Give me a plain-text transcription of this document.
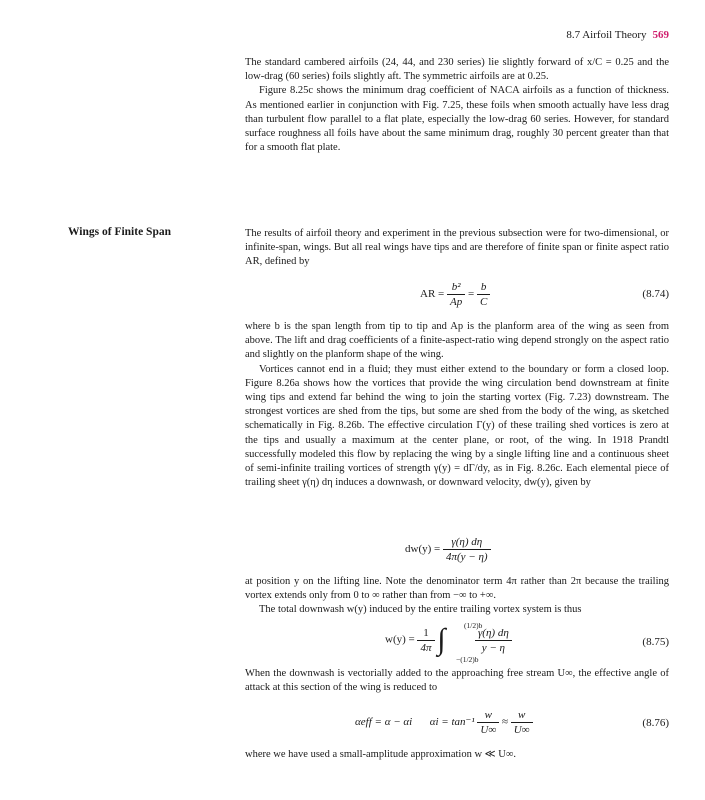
8.7 Airfoil Theory 569

The standard cambered airfoils (24, 44, and 230 series) lie slightly forward of x/C = 0.25 and the low-drag (60 series) foils slightly aft. The symmetric airfoils are at 0.25.

Figure 8.25c shows the minimum drag coefficient of NACA airfoils as a function of thickness. As mentioned earlier in conjunction with Fig. 7.25, these foils when smooth actually have less drag than turbulent flow parallel to a flat plate, especially the low-drag 60 series. However, for standard surface roughness all foils have about the same minimum drag, roughly 30 percent greater than that for a smooth flat plate.

Wings of Finite Span	The results of airfoil theory and experiment in the previous subsection were for two-dimensional, or infinite-span, wings. But all real wings have tips and are therefore of finite span or finite aspect ratio AR, defined by

AR = $\frac{\text{b²}}{Ap} = \frac{b}{C}$	(8.74)

where b is the span length from tip to tip and Ap is the planform area of the wing as seen from above. The lift and drag coefficients of a finite-aspect-ratio wing depend strongly on the aspect ratio and slightly on the planform shape of the wing.

Vortices cannot end in a fluid; they must either extend to the boundary or form a closed loop. Figure 8.26a shows how the vortices that provide the wing circulation bend downstream at finite wing tips and extend far behind the wing to join the starting vortex (Fig. 7.23) downstream. The strongest vortices are shed from the tips, but some are shed from the body of the wing, as sketched schematically in Fig. 8.26b. The effective circulation Γ(y) of these trailing shed vortices is zero at the tips and usually a maximum at the center plane, or root, of the wing. In 1918 Prandtl successfully modeled this flow by replacing the wing by a single lifting line and a continuous sheet of semi-infinite trailing vortices of strength γ(y) = dΓ/dy, as in Fig. 8.26c. Each elemental piece of trailing sheet γ(η) dη induces a downwash, or downward velocity, dw(y), given by

$dw(y) = \frac{\gamma(\eta) d\eta}{4\pi(y - \eta)}$

at position y on the lifting line. Note the denominator term 4π rather than 2π because the trailing vortex extends only from 0 to ∞ rather than from −∞ to +∞.

The total downwash w(y) induced by the entire trailing vortex system is thus

$w(y) = \frac{1}{4\pi}$ ∫	$\frac{\gamma(\eta) d\eta}{y - \eta}$
(1/2)b
−(1/2)b
(8.75)

When the downwash is vectorially added to the approaching free stream U∞, the effective angle of attack at this section of the wing is reduced to

αeff = α − αi $\alpha i = \tan^{-1} \frac{w}{U\infty} \approx \frac{w}{U\infty}$	(8.76)

where we have used a small-amplitude approximation w ≪ U∞.
